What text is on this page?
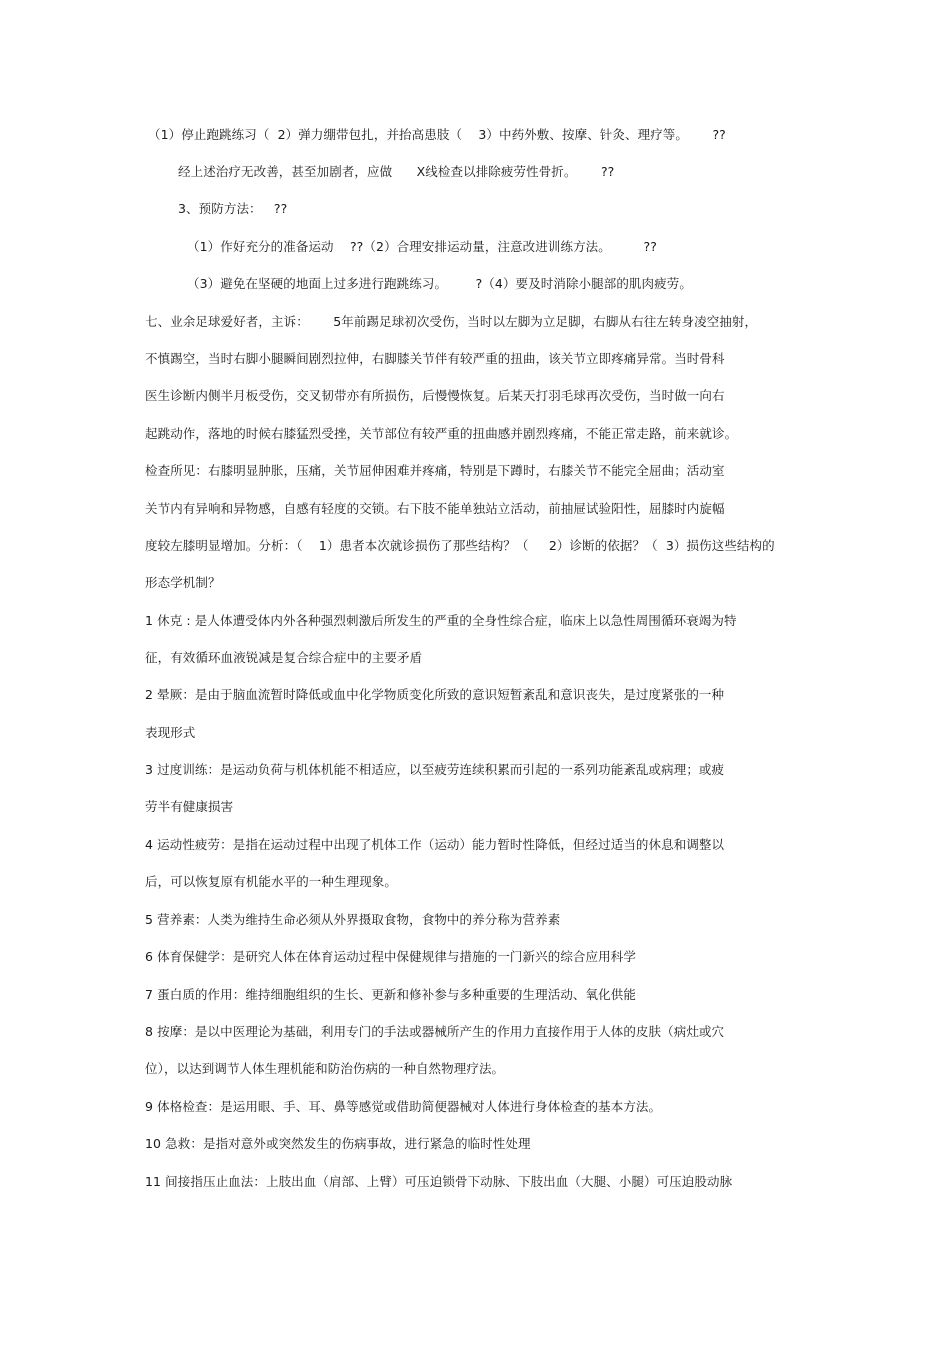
（1）停止跑跳练习（  2）弹力绷带包扎，并抬高患肢（    3）中药外敷、按摩、针灸、理疗等。      ??
经上述治疗无改善，甚至加剧者，应做      X线检查以排除疲劳性骨折。      ??
3、预防方法：   ??
（1）作好充分的准备运动    ??（2）合理安排运动量，注意改进训练方法。        ??
（3）避免在坚硬的地面上过多进行跑跳练习。       ?（4）要及时消除小腿部的肌肉疲劳。
七、业余足球爱好者，主诉：      5年前踢足球初次受伤，当时以左脚为立足脚，右脚从右往左转身凌空抽射，
不慎踢空，当时右脚小腿瞬间剧烈拉伸，右脚膝关节伴有较严重的扭曲，该关节立即疼痛异常。当时骨科
医生诊断内侧半月板受伤，交叉韧带亦有所损伤，后慢慢恢复。后某天打羽毛球再次受伤，当时做一向右
起跳动作，落地的时候右膝猛烈受挫，关节部位有较严重的扭曲感并剧烈疼痛，不能正常走路，前来就诊。
检查所见：右膝明显肿胀，压痛，关节屈伸困难并疼痛，特别是下蹲时，右膝关节不能完全屈曲；活动室
关节内有异响和异物感，自感有轻度的交锁。右下肢不能单独站立活动，前抽屉试验阳性，屈膝时内旋幅
度较左膝明显增加。分析：（    1）患者本次就诊损伤了那些结构？（     2）诊断的依据？（  3）损伤这些结构的
形态学机制？
1 休克 : 是人体遭受体内外各种强烈刺激后所发生的严重的全身性综合症，临床上以急性周围循环衰竭为特
征，有效循环血液锐减是复合综合症中的主要矛盾
2 晕厥：是由于脑血流暂时降低或血中化学物质变化所致的意识短暂紊乱和意识丧失，是过度紧张的一种
表现形式
3 过度训练：是运动负荷与机体机能不相适应，以至疲劳连续积累而引起的一系列功能紊乱或病理；或疲
劳半有健康损害
4 运动性疲劳：是指在运动过程中出现了机体工作（运动）能力暂时性降低，但经过适当的休息和调整以
后，可以恢复原有机能水平的一种生理现象。
5 营养素：人类为维持生命必须从外界摄取食物，食物中的养分称为营养素
6 体育保健学：是研究人体在体育运动过程中保健规律与措施的一门新兴的综合应用科学
7 蛋白质的作用：维持细胞组织的生长、更新和修补参与多种重要的生理活动、氧化供能
8 按摩：是以中医理论为基础，利用专门的手法或器械所产生的作用力直接作用于人体的皮肤（病灶或穴
位），以达到调节人体生理机能和防治伤病的一种自然物理疗法。
9 体格检查：是运用眼、手、耳、鼻等感觉或借助简便器械对人体进行身体检查的基本方法。
10 急救：是指对意外或突然发生的伤病事故，进行紧急的临时性处理
11 间接指压止血法：上肢出血（肩部、上臂）可压迫锁骨下动脉、下肢出血（大腿、小腿）可压迫股动脉
